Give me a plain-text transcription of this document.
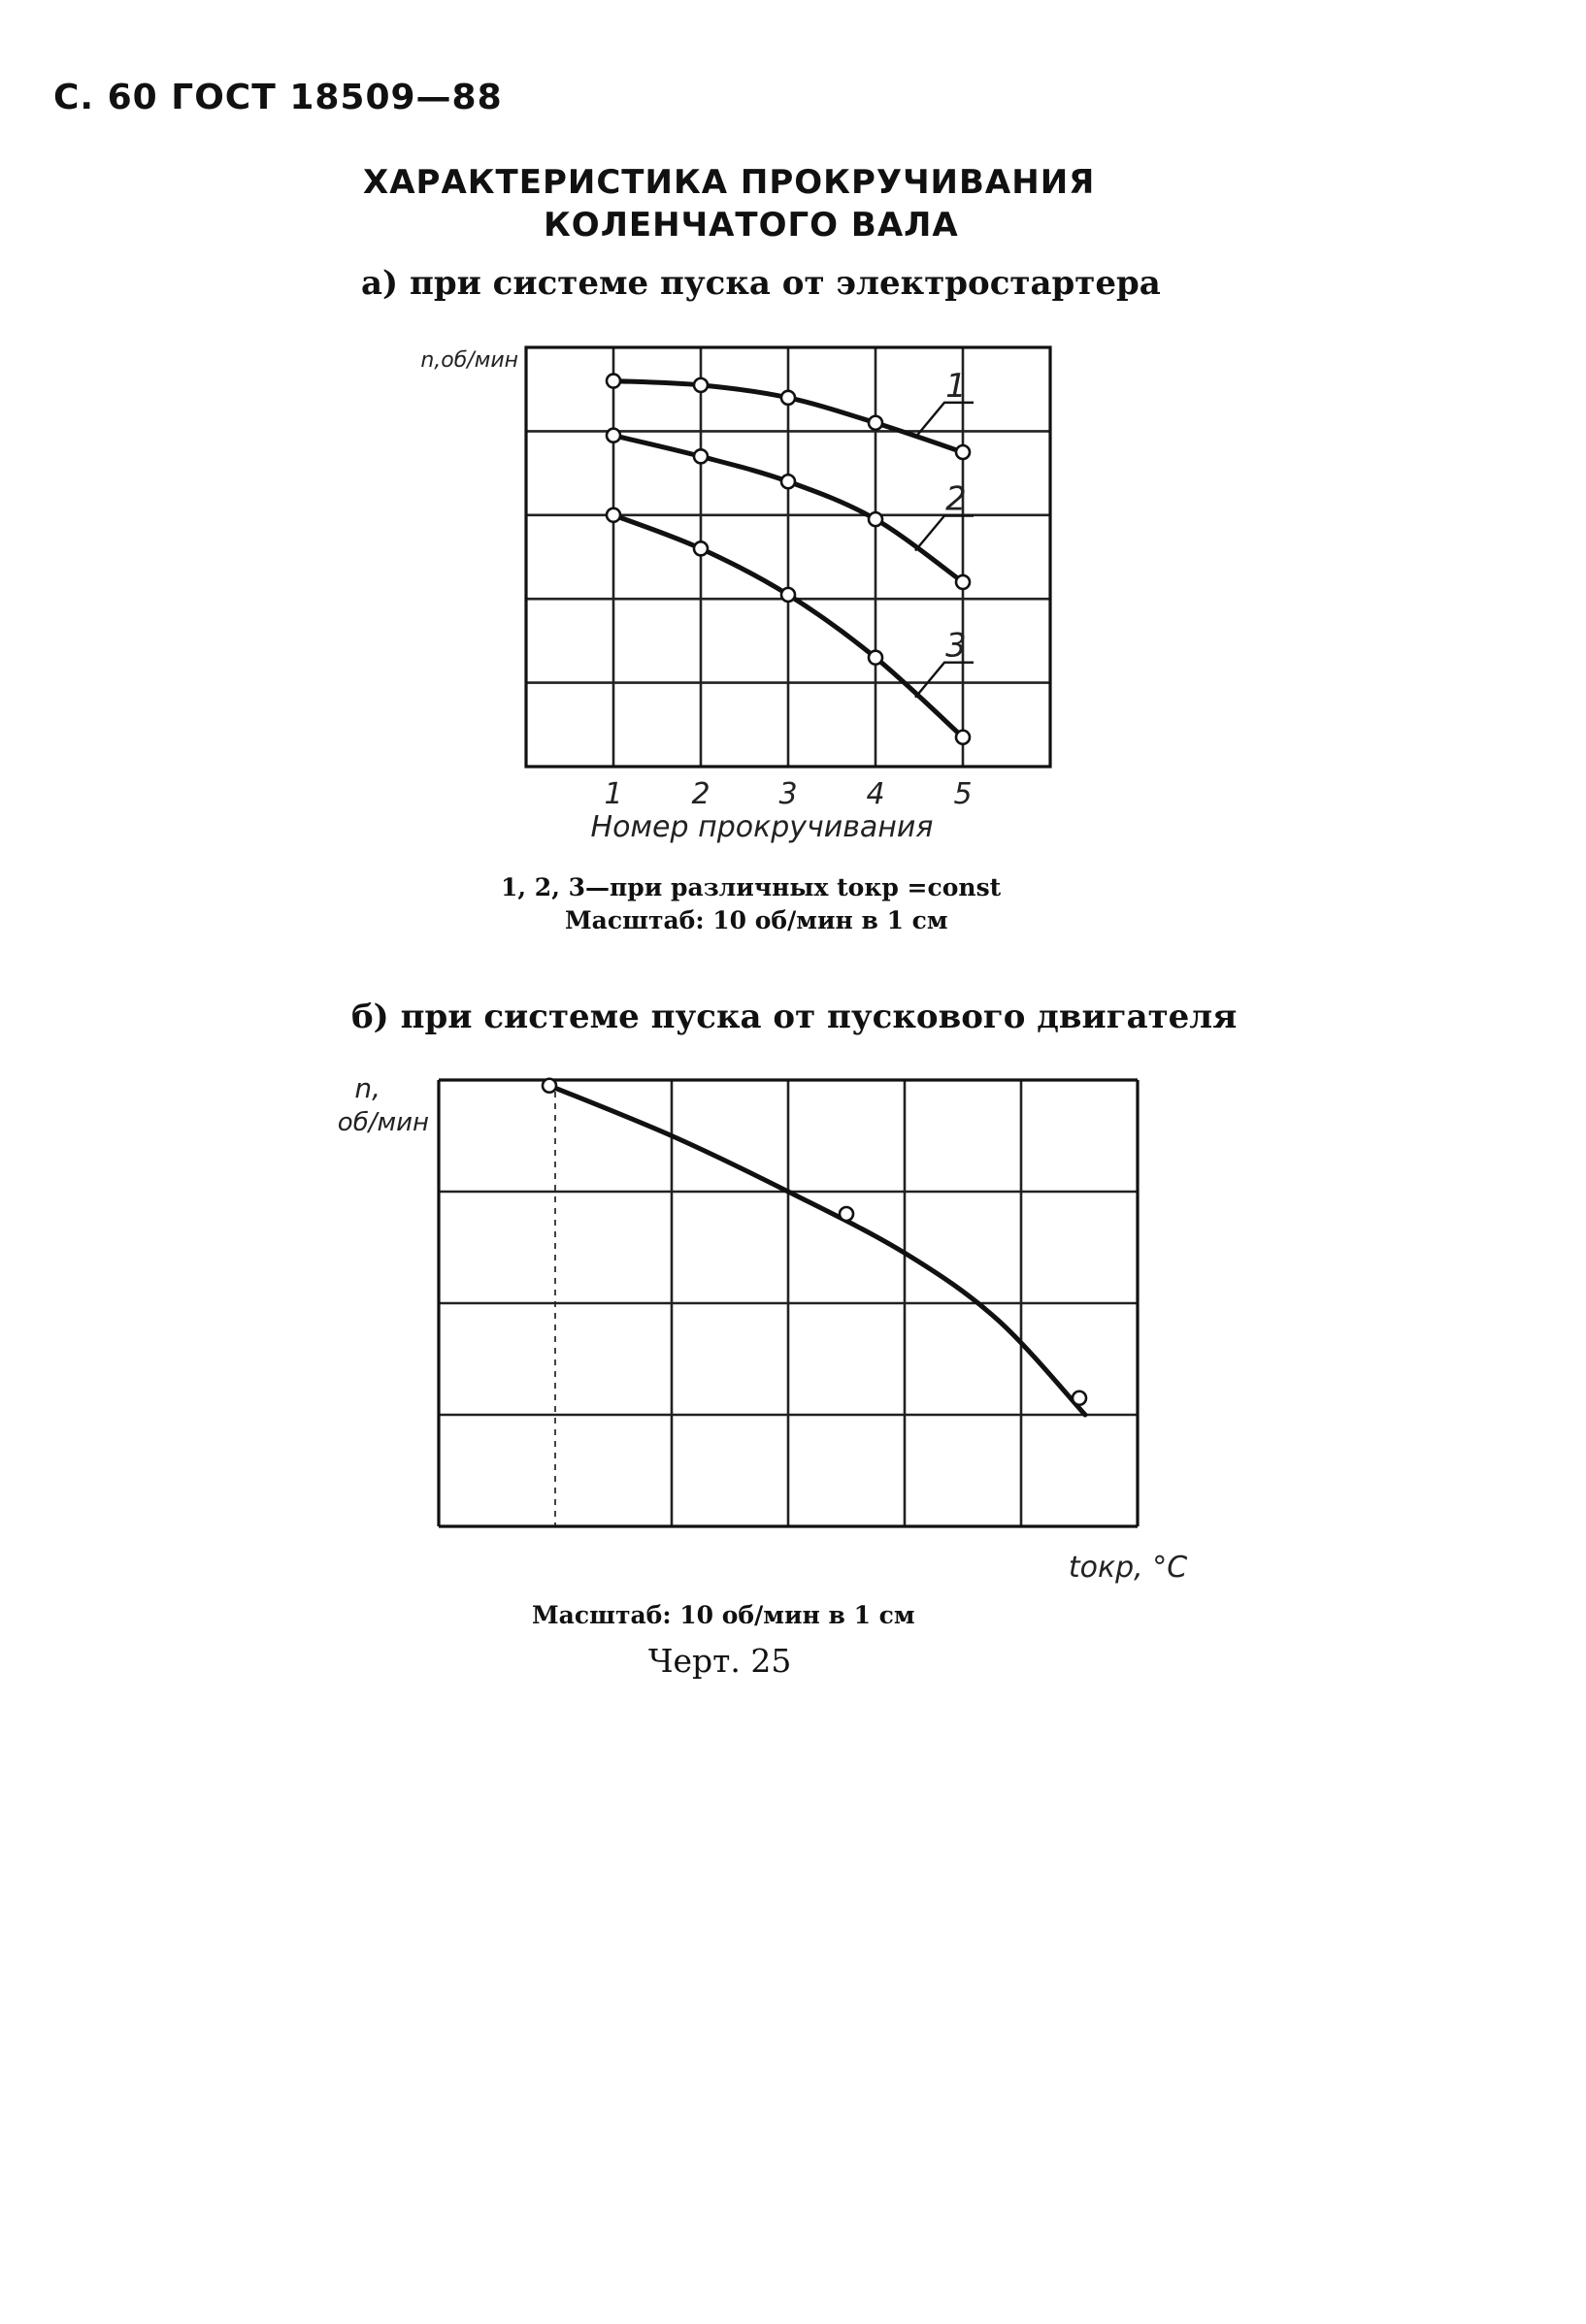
С. 60 ГОСТ 18509—88
ХАРАКТЕРИСТИКА ПРОКРУЧИВАНИЯ
КОЛЕНЧАТОГО ВАЛА
а) при системе пуска от электростартера
1, 2, 3—при различных tокр =const
Масштаб: 10 об/мин в 1 см
б) при системе пуска от пускового двигателя
Масштаб: 10 об/мин в 1 см
Черт. 25
n,об/мин
1 2 3 4 5
Номер прокручивания
1
2
3
n,
об/мин
tокр, °C
